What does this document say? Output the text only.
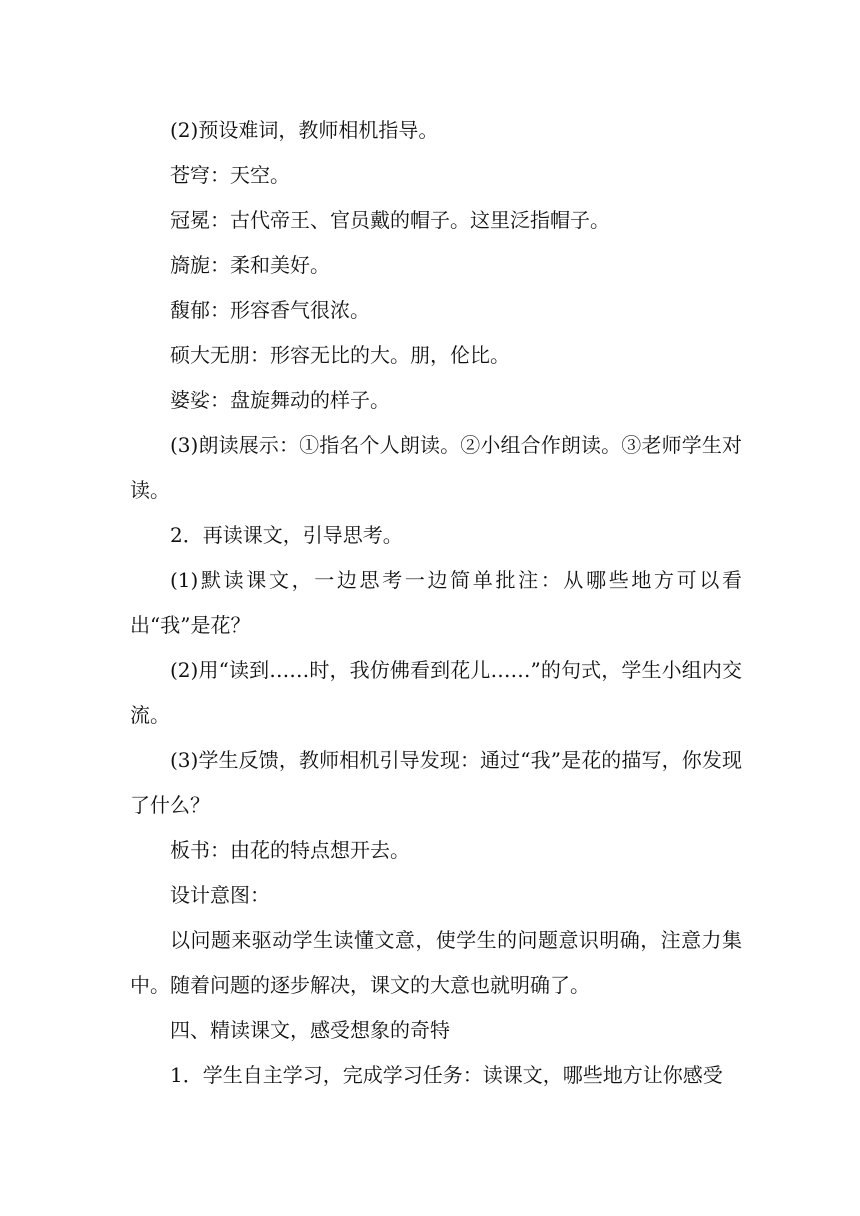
(2)预设难词，教师相机指导。

苍穹：天空。

冠冕：古代帝王、官员戴的帽子。这里泛指帽子。

旖旎：柔和美好。

馥郁：形容香气很浓。

硕大无朋：形容无比的大。朋，伦比。

婆娑：盘旋舞动的样子。

(3)朗读展示：①指名个人朗读。②小组合作朗读。③老师学生对读。

2．再读课文，引导思考。

(1)默读课文，一边思考一边简单批注：从哪些地方可以看出“我”是花？

(2)用“读到……时，我仿佛看到花儿……”的句式，学生小组内交流。

(3)学生反馈，教师相机引导发现：通过“我”是花的描写，你发现了什么？

板书：由花的特点想开去。

设计意图：

以问题来驱动学生读懂文意，使学生的问题意识明确，注意力集中。随着问题的逐步解决，课文的大意也就明确了。

四、精读课文，感受想象的奇特

1．学生自主学习，完成学习任务：读课文，哪些地方让你感受
